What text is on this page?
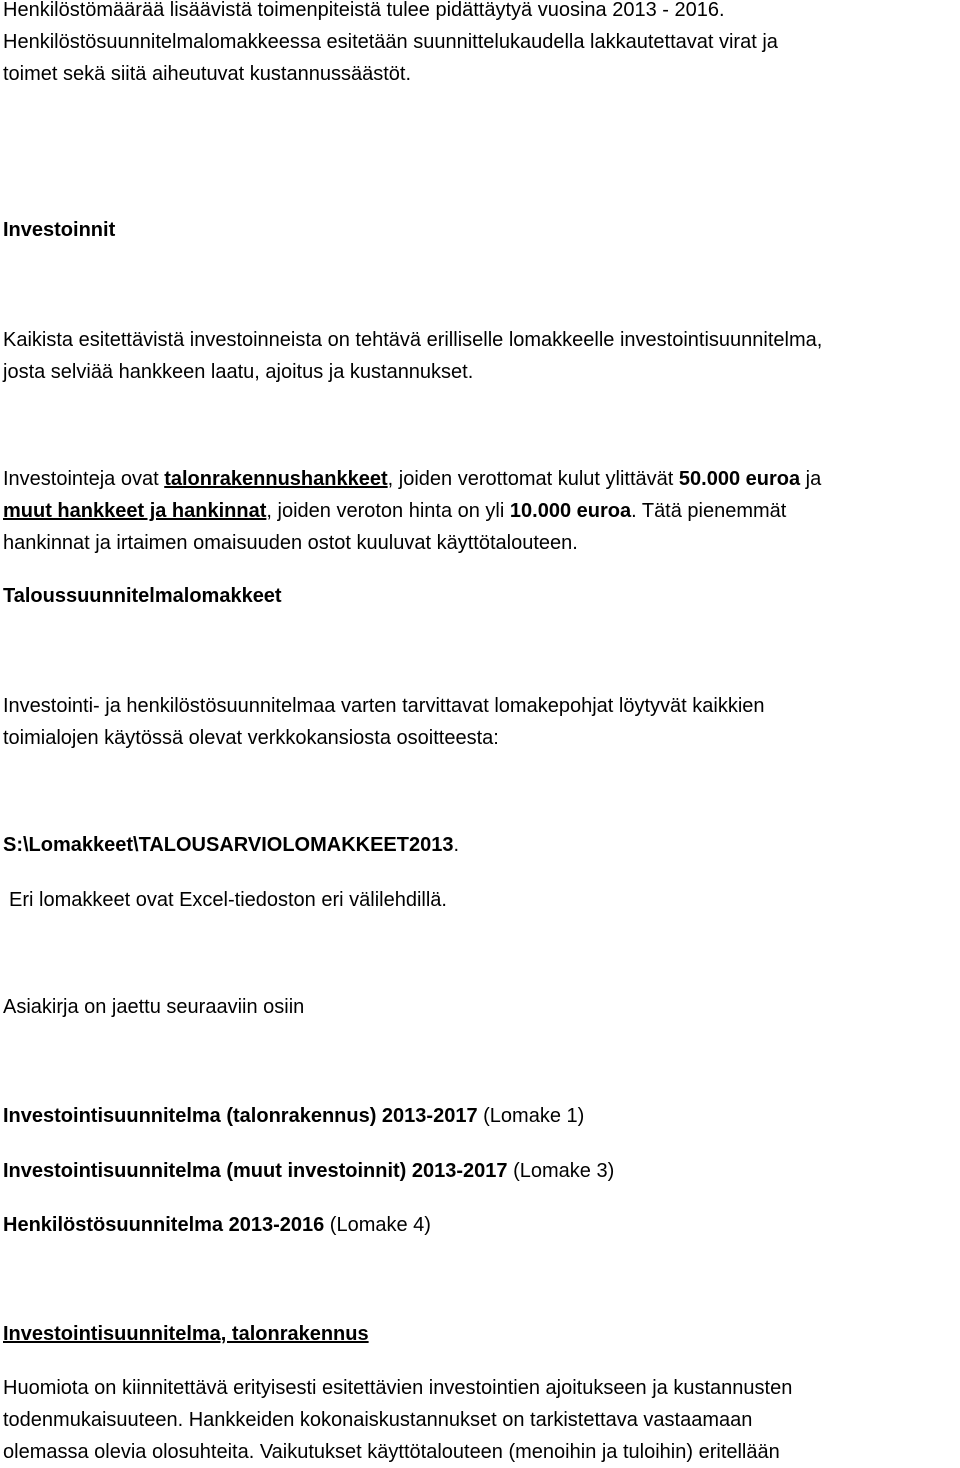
Henkilöstömäärää lisäävistä toimenpiteistä tulee pidättäytyä vuosina 2013 - 2016.

Henkilöstösuunnitelmalomakkeessa esitetään suunnittelukaudella lakkautettavat virat ja

toimet sekä siitä aiheutuvat kustannussäästöt.

Investoinnit

Kaikista esitettävistä investoinneista on tehtävä erilliselle lomakkeelle investointisuunnitelma,

josta selviää hankkeen laatu, ajoitus ja kustannukset.

Investointeja ovat talonrakennushankkeet, joiden verottomat kulut ylittävät 50.000 euroa ja

muut hankkeet ja hankinnat, joiden veroton hinta on yli 10.000 euroa. Tätä pienemmät

hankinnat ja irtaimen omaisuuden ostot kuuluvat käyttötalouteen.

Taloussuunnitelmalomakkeet

Investointi- ja henkilöstösuunnitelmaa varten tarvittavat lomakepohjat löytyvät kaikkien

toimialojen käytössä olevat verkkokansiosta osoitteesta:

S:\Lomakkeet\TALOUSARVIOLOMAKKEET2013.
Eri lomakkeet ovat Excel-tiedoston eri välilehdillä.
Asiakirja on jaettu seuraaviin osiin
Investointisuunnitelma (talonrakennus) 2013-2017 (Lomake 1)
Investointisuunnitelma (muut investoinnit) 2013-2017 (Lomake 3)
Henkilöstösuunnitelma 2013-2016 (Lomake 4)
Investointisuunnitelma, talonrakennus

Huomiota on kiinnitettävä erityisesti esitettävien investointien ajoitukseen ja kustannusten

todenmukaisuuteen. Hankkeiden kokonaiskustannukset on tarkistettava vastaamaan

olemassa olevia olosuhteita. Vaikutukset käyttötalouteen (menoihin ja tuloihin) eritellään
